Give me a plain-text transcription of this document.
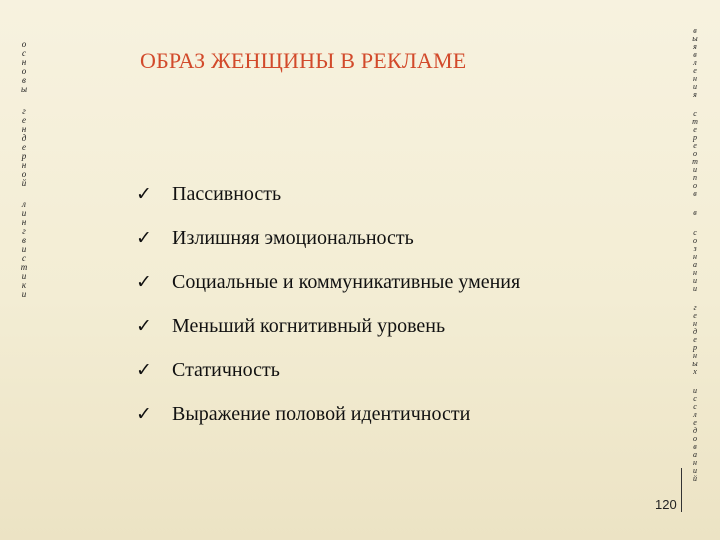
о
с
н
о
в
ы
г
е
н
д
е
р
н
о
й
л
и
н
г
в
и
с
т
и
к
и
ОБРАЗ ЖЕНЩИНЫ В РЕКЛАМЕ
✓	Пассивность
✓	Излишняя эмоциональность
✓	Социальные и коммуникативные умения
✓	Меньший когнитивный уровень
✓	Статичность
✓	Выражение половой идентичности
в
ы
я
в
л
е
н
и
я
с
т
е
р
е
о
т
и
п
о
в
в
с
о
з
н
а
н
и
и
г
е
н
д
е
р
н
ы
х
и
с
с
л
е
д
о
в
а
н
и
й
120
